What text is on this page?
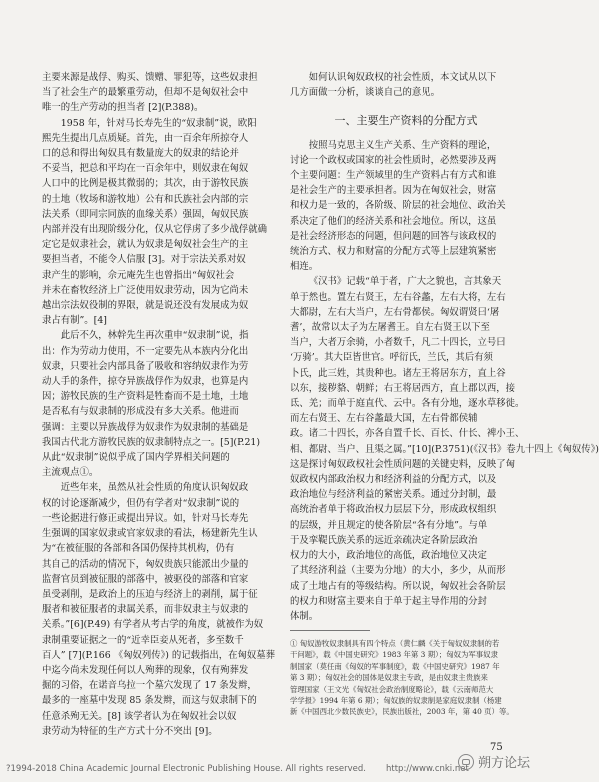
主要来源是战俘、购买、馈赠、罪犯等，这些奴隶担
当了社会生产的最繁重劳动，但却不是匈奴社会中
唯一的生产劳动的担当者 [2](P.388)。
1958 年，针对马长寿先生的“奴隶制”说，欧阳
熙先生提出几点质疑。首先，由一百余年所掠夺人
口的总和得出匈奴具有数量庞大的奴隶的结论并
不妥当，把总和平均在一百余年中，则奴隶在匈奴
人口中的比例是极其微弱的；其次，由于游牧民族
的土地（牧场和游牧地）公有和氏族社会内部的宗
法关系（即同宗同族的血缘关系）强固，匈奴民族
内部并没有出现阶级分化，仅从它俘虏了多少战俘就确
定它是奴隶社会，就认为奴隶是匈奴社会生产的主
要担当者，不能令人信服 [3]。对于宗法关系对奴
隶产生的影响，佘元庵先生也曾指出“匈奴社会
并未在畜牧经济上广泛使用奴隶劳动，因为它尚未
越出宗法奴役制的界限，就是说还没有发展成为奴
隶占有制”。[4]
此后不久，林幹先生再次重申“奴隶制”说，指
出：作为劳动力使用，不一定要先从本族内分化出
奴隶，只要社会内部具备了吸收和容纳奴隶作为劳
动人手的条件，掠夺异族战俘作为奴隶，也算是内
因；游牧民族的生产资料是牲畜而不是土地，土地
是否私有与奴隶制的形成没有多大关系。他进而
强调：主要以异族战俘为奴隶作为奴隶制的基础是
我国古代北方游牧民族的奴隶制特点之一。[5](P.21)
从此“奴隶制”说似乎成了国内学界相关问题的
主流观点①。
近些年来，虽然从社会性质的角度认识匈奴政
权的讨论逐渐减少，但仍有学者对“奴隶制”说的
一些论据进行修正或提出异议。如，针对马长寿先
生强调的国家奴隶或官家奴隶的看法，杨建新先生认
为“在被征服的各部和各国仍保持其机构，仍有
其自己的活动的情况下，匈奴贵族只能派出少量的
监督官员到被征服的部落中，被驱役的部落和官家
虽受剥削，是政治上的压迫与经济上的剥削，属于征
服者和被征服者的隶属关系，而非奴隶主与奴隶的
关系。”[6](P.49) 有学者从考古学的角度，就被作为奴
隶制重要证据之一的“近幸臣妾从死者，多至数千
百人” [7](P.166 《匈奴列传》) 的记载指出，在匈奴墓葬
中迄今尚未发现任何以人殉葬的现象，仅有殉葬发
掘的习俗，在诺音乌拉一个墓穴发现了 17 条发辫，
最多的一座墓中发现 85 条发辫，而这与奴隶制下的
任意杀殉无关。[8] 该学者认为在匈奴社会以奴
隶劳动为特征的生产方式十分不突出 [9]。
如何认识匈奴政权的社会性质，本文试从以下
几方面做一分析，谈谈自己的意见。
一、主要生产资料的分配方式
按照马克思主义生产关系、生产资料的理论，
讨论一个政权或国家的社会性质时，必然要涉及两
个主要问题：生产领域里的生产资料占有方式和谁
是社会生产的主要承担者。因为在匈奴社会，财富
和权力是一致的，各阶级、阶层的社会地位、政治关
系决定了他们的经济关系和社会地位。所以，这虽
是社会经济形态的问题，但问题的回答与该政权的
统治方式、权力和财富的分配方式等上层建筑紧密
相连。
《汉书》记载“单于者，广大之貌也，言其象天
单于然也。置左右贤王，左右谷蠡，左右大将，左右
大都尉，左右大当户，左右骨都侯。匈奴谓贤曰‘屠
耆’，故常以太子为左屠耆王。自左右贤王以下至
当户，大者万余骑，小者数千，凡二十四长，立号曰
‘万骑’。其大臣皆世官。呼衍氏，兰氏，其后有须
卜氏，此三姓，其贵种也。诸左王将居东方，直上谷
以东，接秽貉、朝鲜；右王将居西方，直上郡以西，接
氐、羌；而单于庭直代、云中。各有分地，逐水草移徙。
而左右贤王、左右谷蠡最大国，左右骨都侯辅
政。诸二十四长，亦各自置千长、百长、什长、裨小王、
相、都尉、当户、且渠之属。”[10](P.3751)(《汉书》卷九十四上《匈奴传》)
这是探讨匈奴政权社会性质问题的关键史料，反映了匈
奴政权内部政治权力和经济利益的分配方式，以及
政治地位与经济利益的紧密关系。通过分封制，最
高统治者单于将政治权力层层下分，形成政权组织
的层级，并且规定的使各阶层“各有分地”。与单
于及挛鞮氏族关系的远近亲疏决定各阶层政治
权力的大小，政治地位的高低，政治地位又决定
了其经济利益（主要为分地）的大小，多少，从而形
成了土地占有的等级结构。所以说，匈奴社会各阶层
的权力和财富主要来自于单于起主导作用的分封
体制。
① 匈奴游牧奴隶制具有四个特点（黄仁麟《关于匈奴奴隶制的若
干问题》，载《中国史研究》1983 年第 3 期）；匈奴为军事奴隶
制国家（莫任南《匈奴的军事制度》，载《中国史研究》1987 年
第 3 期）；匈奴社会的国体是奴隶主专政，是由奴隶主贵族来
管理国家（王文光《匈奴社会政治制度略论》，载《云南师范大
学学报》1994 年第 6 期）；匈奴族的奴隶制是家庭奴隶制（杨建
新《中国西北少数民族史》，民族出版社，2003 年，第 40 页）等。
75
?1994-2018 China Academic Journal Electronic Publishing House. All rights reserved. http://www.cnki.net 朔方论坛
